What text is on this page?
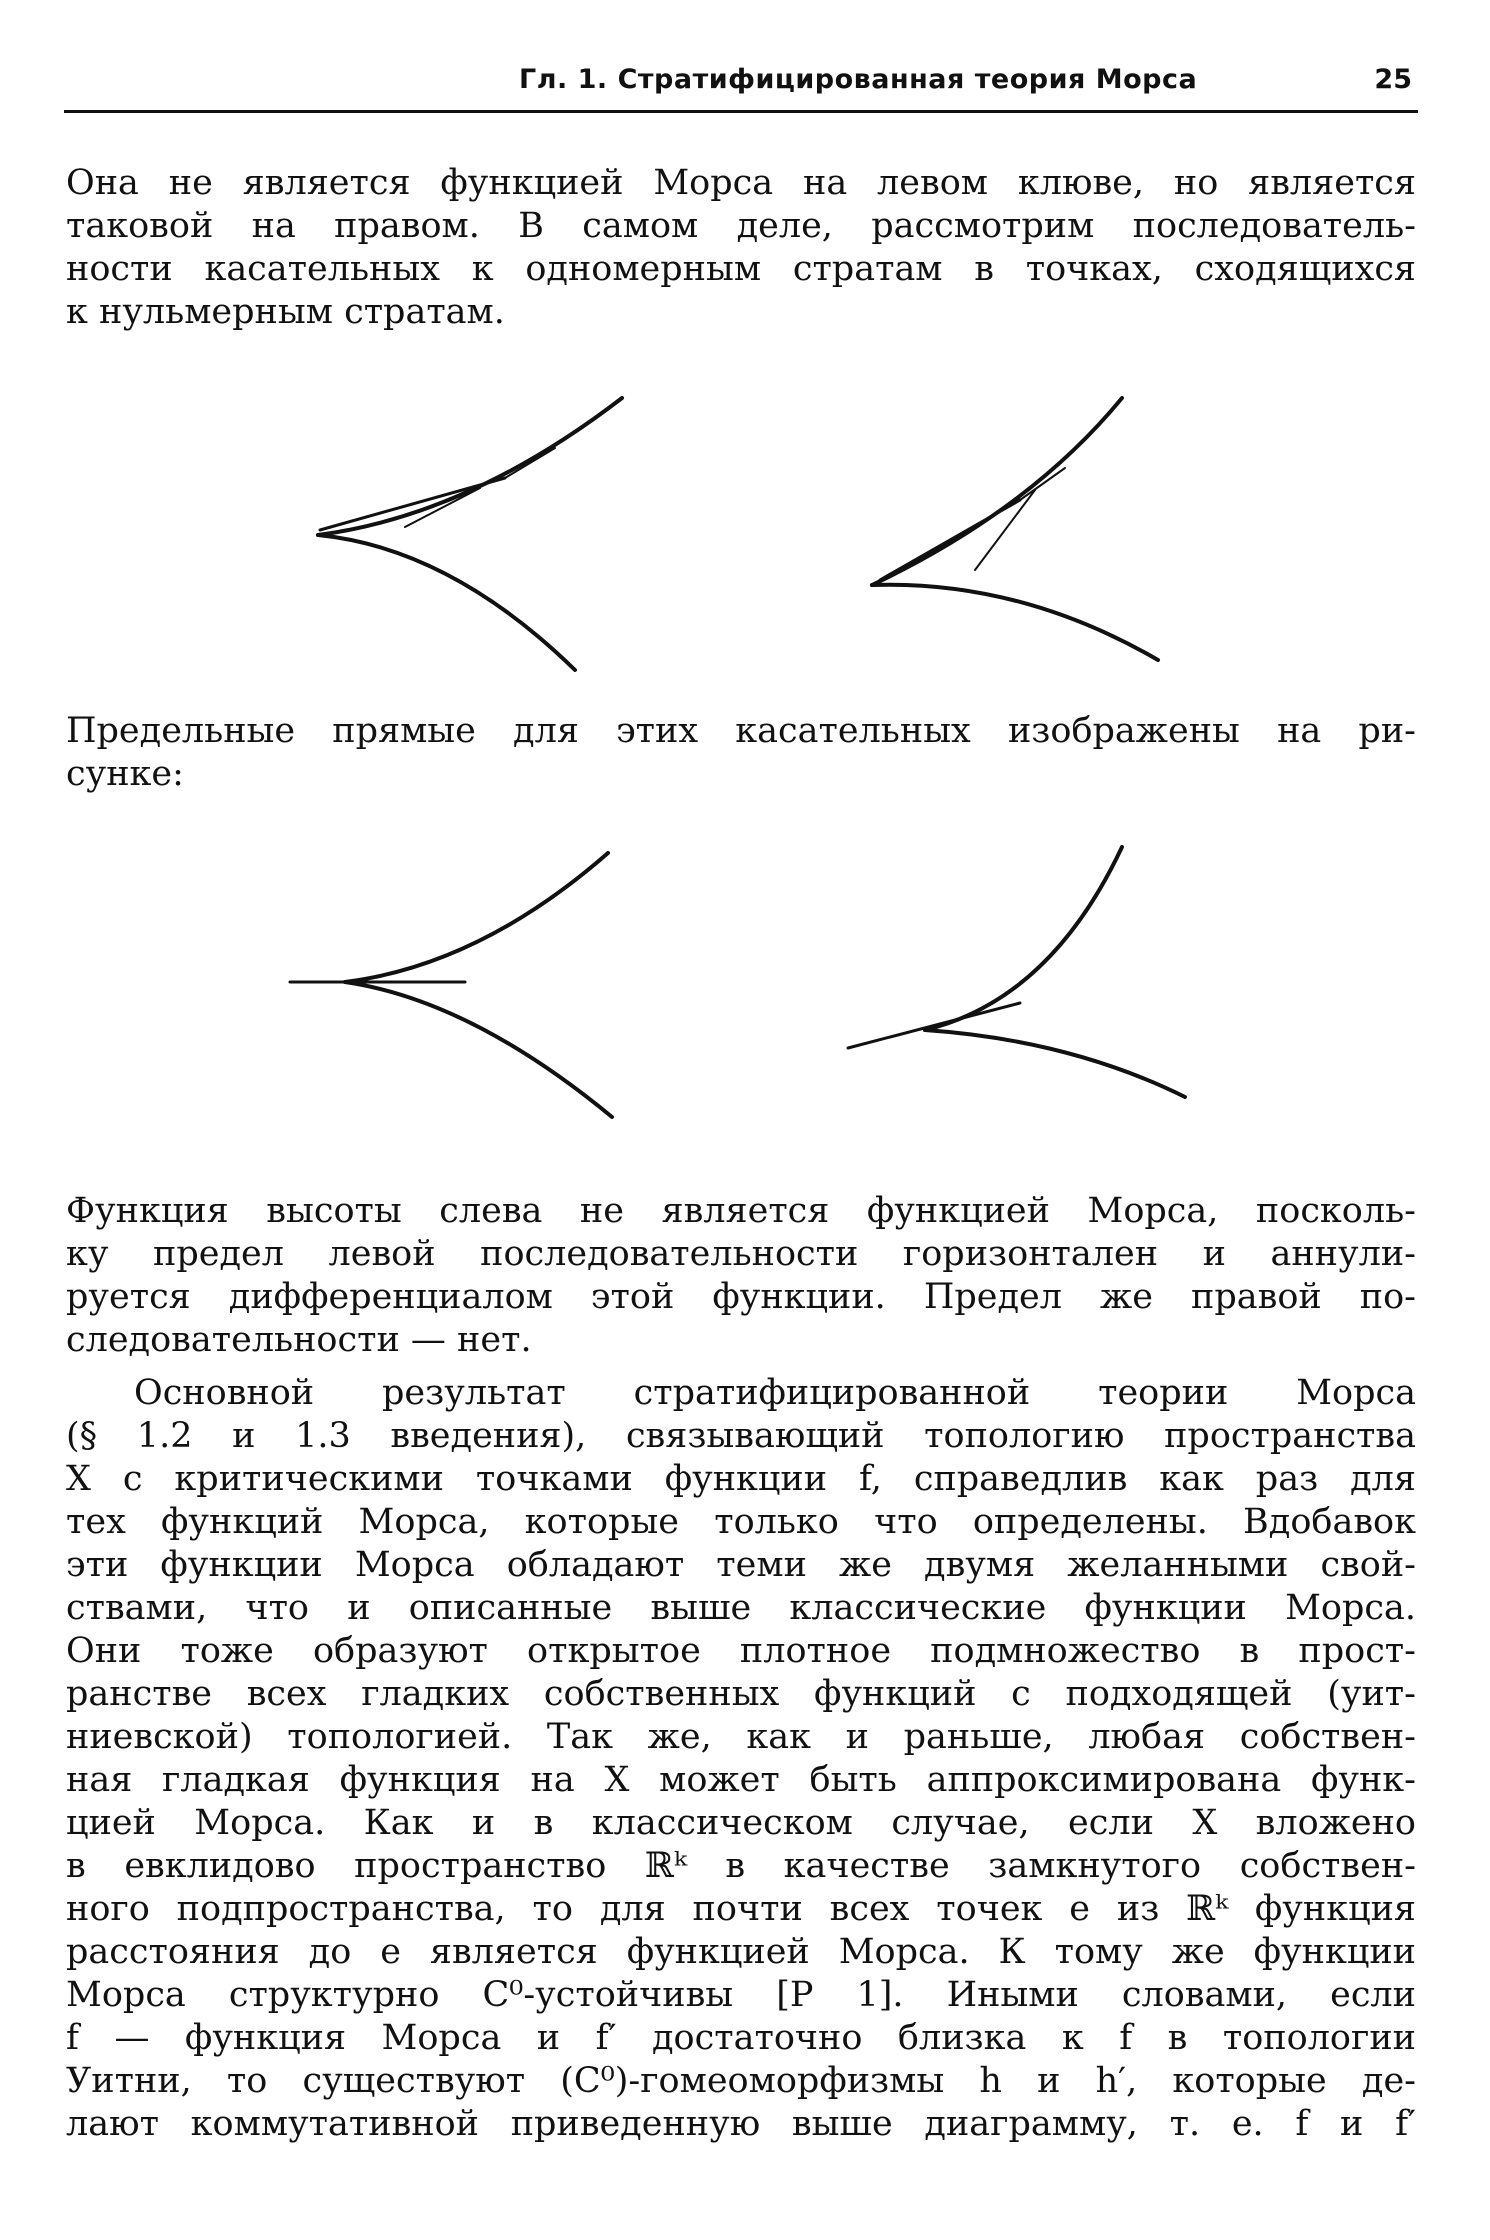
Гл. 1. Стратифицированная теория Морса	25
Она не является функцией Морса на левом клюве, но является
таковой на правом. В самом деле, рассмотрим последователь-
ности касательных к одномерным стратам в точках, сходящихся
к нульмерным стратам.
Предельные прямые для этих касательных изображены на ри-
сунке:
Функция высоты слева не является функцией Морса, посколь-
ку предел левой последовательности горизонтален и аннули-
руется дифференциалом этой функции. Предел же правой по-
следовательности — нет.
Основной результат стратифицированной теории Морса
(§ 1.2 и 1.3 введения), связывающий топологию пространства
X с критическими точками функции f, справедлив как раз для
тех функций Морса, которые только что определены. Вдобавок
эти функции Морса обладают теми же двумя желанными свой-
ствами, что и описанные выше классические функции Морса.
Они тоже образуют открытое плотное подмножество в прост-
ранстве всех гладких собственных функций с подходящей (уит-
ниевской) топологией. Так же, как и раньше, любая собствен-
ная гладкая функция на X может быть аппроксимирована функ-
цией Морса. Как и в классическом случае, если X вложено
в евклидово пространство ℝᵏ в качестве замкнутого собствен-
ного подпространства, то для почти всех точек e из ℝᵏ функция
расстояния до e является функцией Морса. К тому же функции
Морса структурно C⁰-устойчивы [P 1]. Иными словами, если
f — функция Морса и f′ достаточно близка к f в топологии
Уитни, то существуют (C⁰)-гомеоморфизмы h и h′, которые де-
лают коммутативной приведенную выше диаграмму, т. е. f и f′
